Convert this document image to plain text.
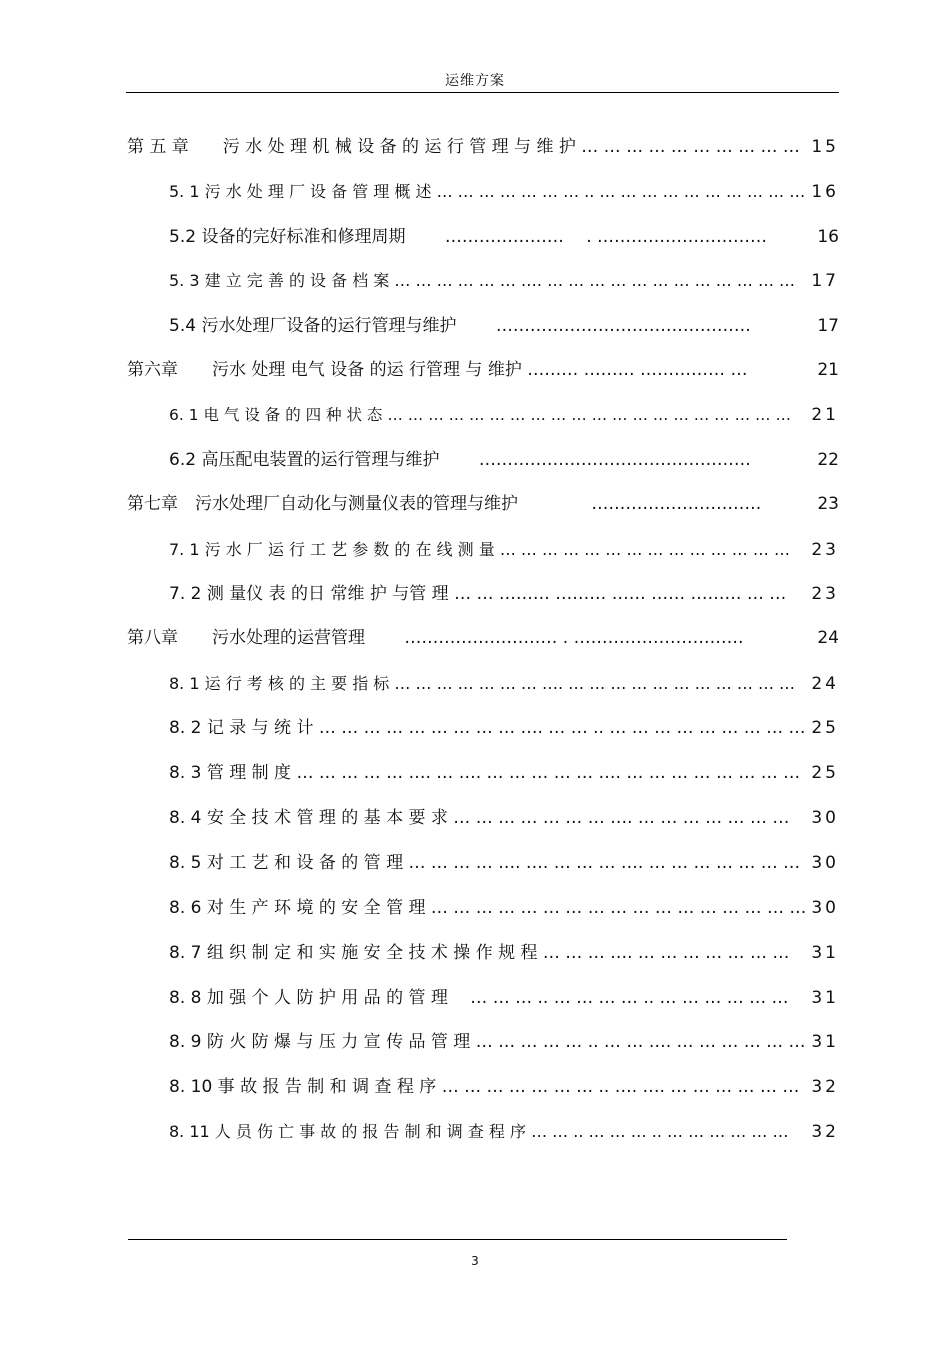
运维方案
第 五 章　　污 水 处 理 机 械 设 备 的 运 行 管 理 与 维 护 … … … … … … … … … … 15
5. 1 污 水 处 理 厂 设 备 管 理 概 述 … … … … … … … .. … … … … … … … … … … 16
5.2 设备的完好标准和修理周期　　 …………………　 . …………………………	16
5. 3 建 立 完 善 的 设 备 档 案 … … … … … … …. … … … … … … … … … … … … 17
5.4 污水处理厂设备的运行管理与维护　　 ………………………………………	17
第六章　　污水 处理 电气 设备 的运 行管理 与 维护 ……… ……… …………… …	21
6. 1 电 气 设 备 的 四 种 状 态 … … … … … … … … … … … … … … … … … … … … 21
6.2 高压配电装置的运行管理与维护　　 …………………………………………	22
第七章　污水处理厂自动化与测量仪表的管理与维护　　　　 …………………………	23
7. 1 污 水 厂 运 行 工 艺 参 数 的 在 线 测 量 … … … … … … … … … … … … … … 23
7. 2 测 量仪 表 的日 常维 护 与管 理 … … ……… ……… …… …… ……… … … 23
第八章　　污水处理的运营管理　　 ……………………… . …………………………	24
8. 1 运 行 考 核 的 主 要 指 标 … … … … … … … …. … … … … … … … … … … … 24
8. 2 记 录 与 统 计 … … … … … … … … … …. … … .. … … … … … … … … … 25
8. 3 管 理 制 度 … … … … … …. … …. … … … … … …. … … … … … … … … 25
8. 4 安 全 技 术 管 理 的 基 本 要 求 … … … … … … … …. … … … … … … … 30
8. 5 对 工 艺 和 设 备 的 管 理 … … … … …. …. … … … …. … … … … … … … 30
8. 6 对 生 产 环 境 的 安 全 管 理 … … … … … … … … … … … … … … … … … 30
8. 7 组 织 制 定 和 实 施 安 全 技 术 操 作 规 程 … … … …. … … … … … … … 31
8. 8 加 强 个 人 防 护 用 品 的 管 理 　… … … .. … … … … .. … … … … … … 31
8. 9 防 火 防 爆 与 压 力 宣 传 品 管 理 … … … … … .. … … …. … … … … … … 31
8. 10 事 故 报 告 制 和 调 查 程 序 … … … … … … … .. …. …. … … … … … … 32
8. 11 人 员 伤 亡 事 故 的 报 告 制 和 调 查 程 序 … … .. … … … .. … … … … … … 32
3
